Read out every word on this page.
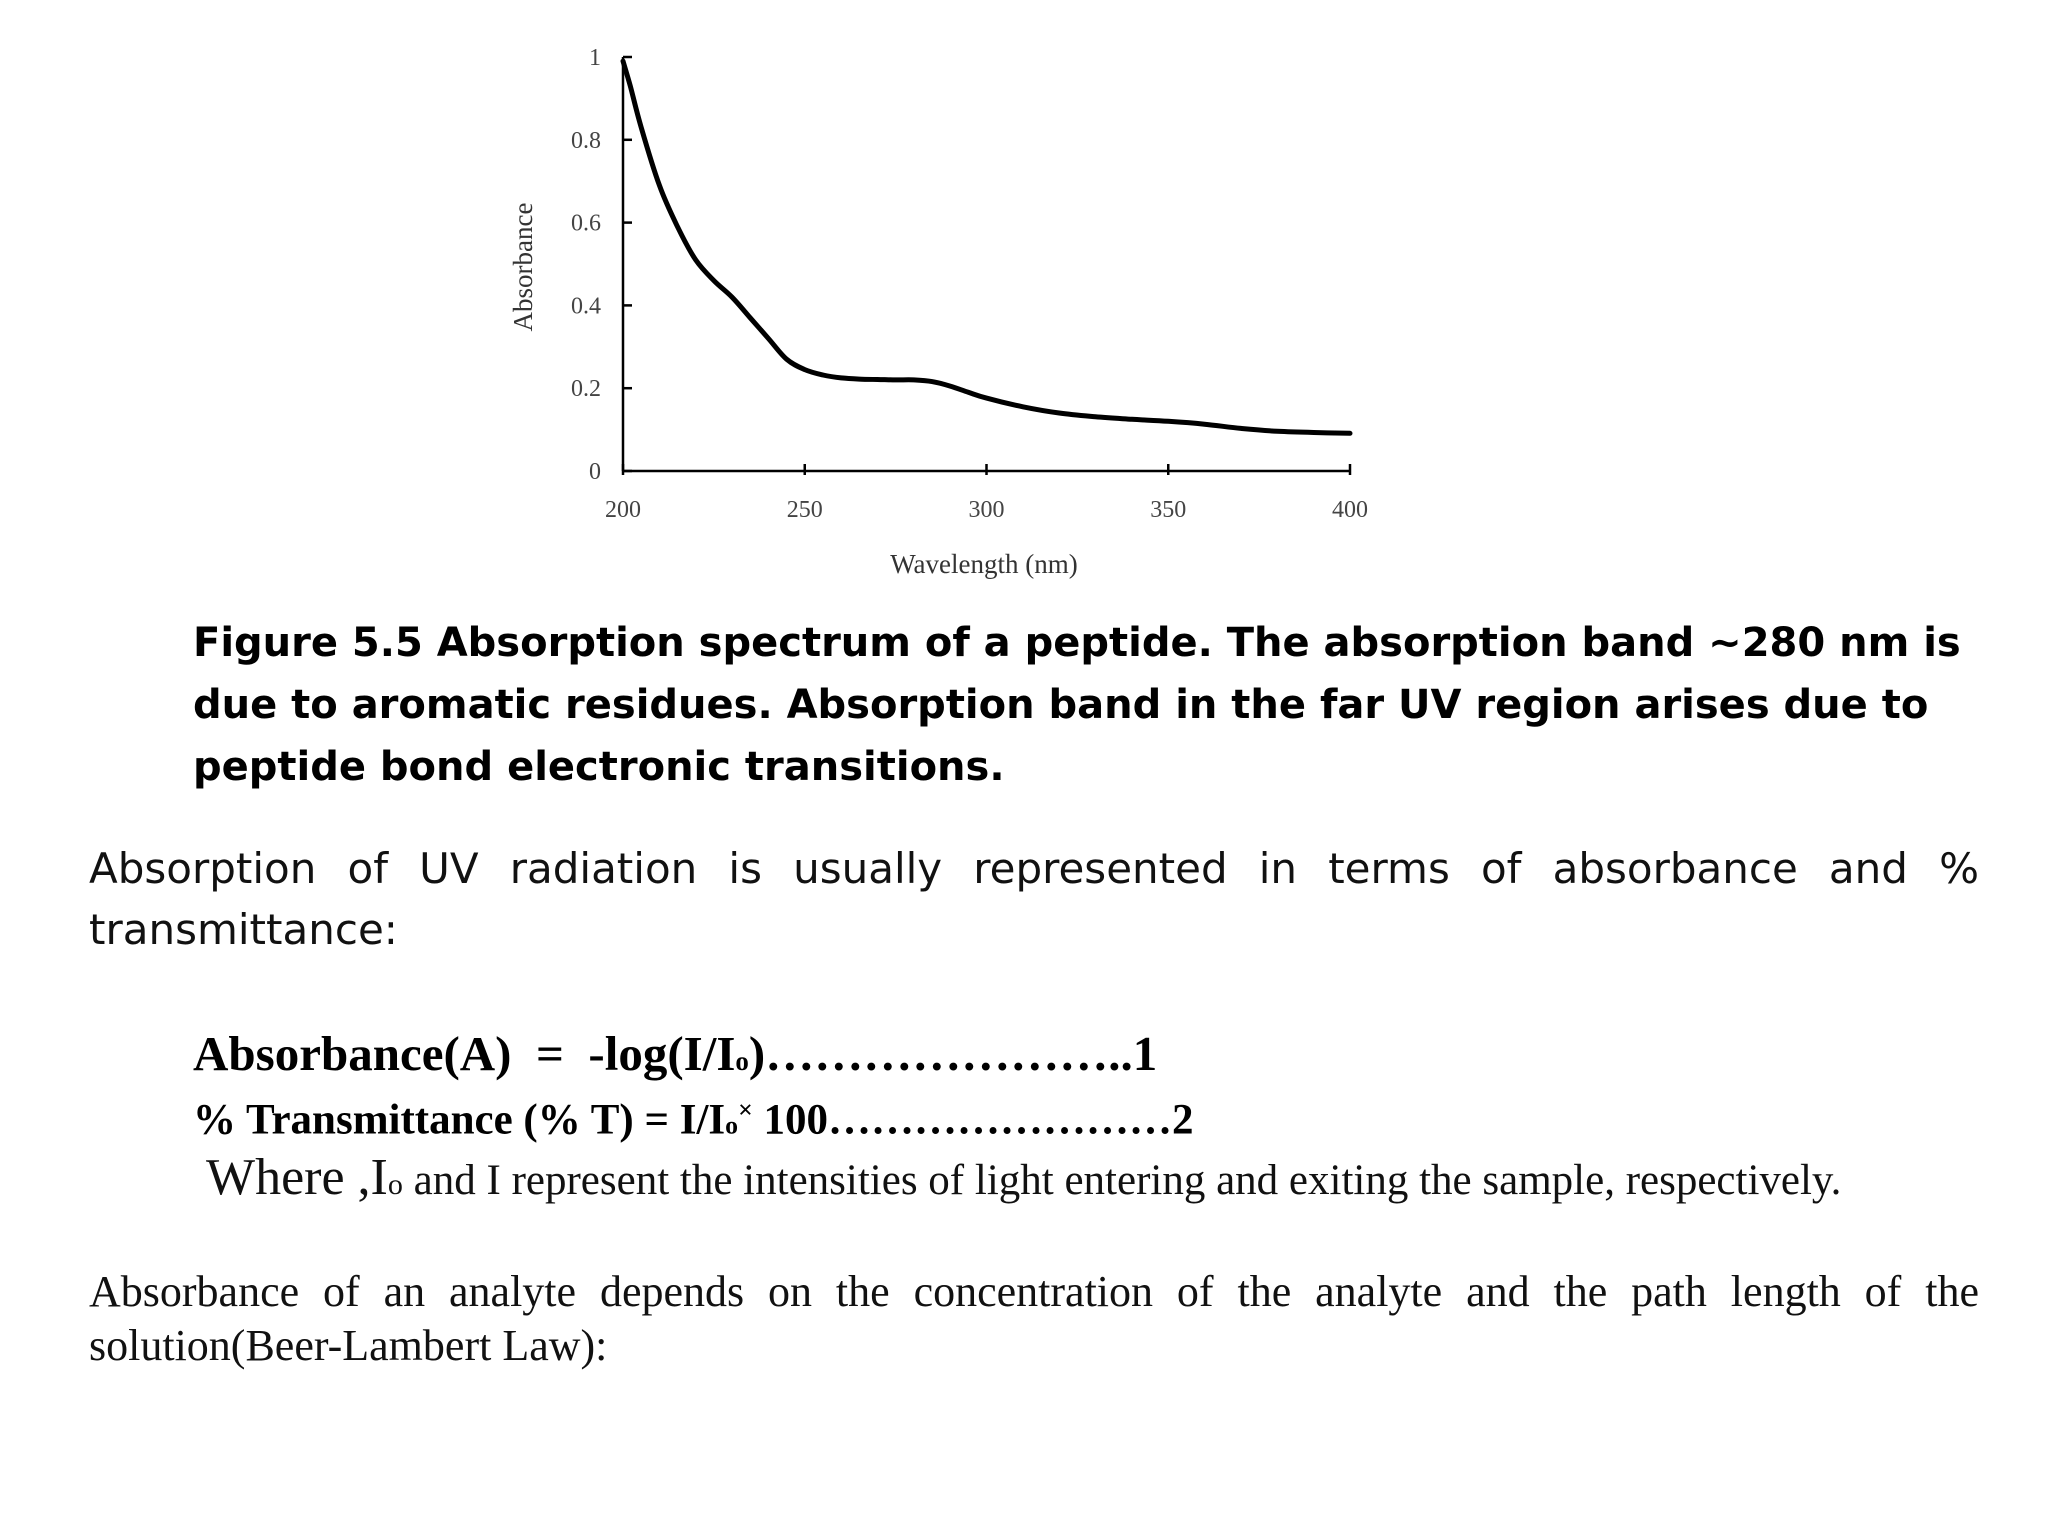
200	250	300	350	400
0
0.2
0.4
0.6
0.8
1
Wavelength (nm)
Absorbance

Figure 5.5 Absorption spectrum of a peptide. The absorption band ~280 nm is due to aromatic residues. Absorption band in the far UV region arises due to peptide bond electronic transitions.

Absorption of UV radiation is usually represented in terms of absorbance and % transmittance:

Absorbance(A) = -log(I/Io)…………………..1

% Transmittance (% T) = I/Io× 100……………………2

Where ,Io and I represent the intensities of light entering and exiting the sample, respectively.

Absorbance of an analyte depends on the concentration of the analyte and the path length of the solution(Beer-Lambert Law):
